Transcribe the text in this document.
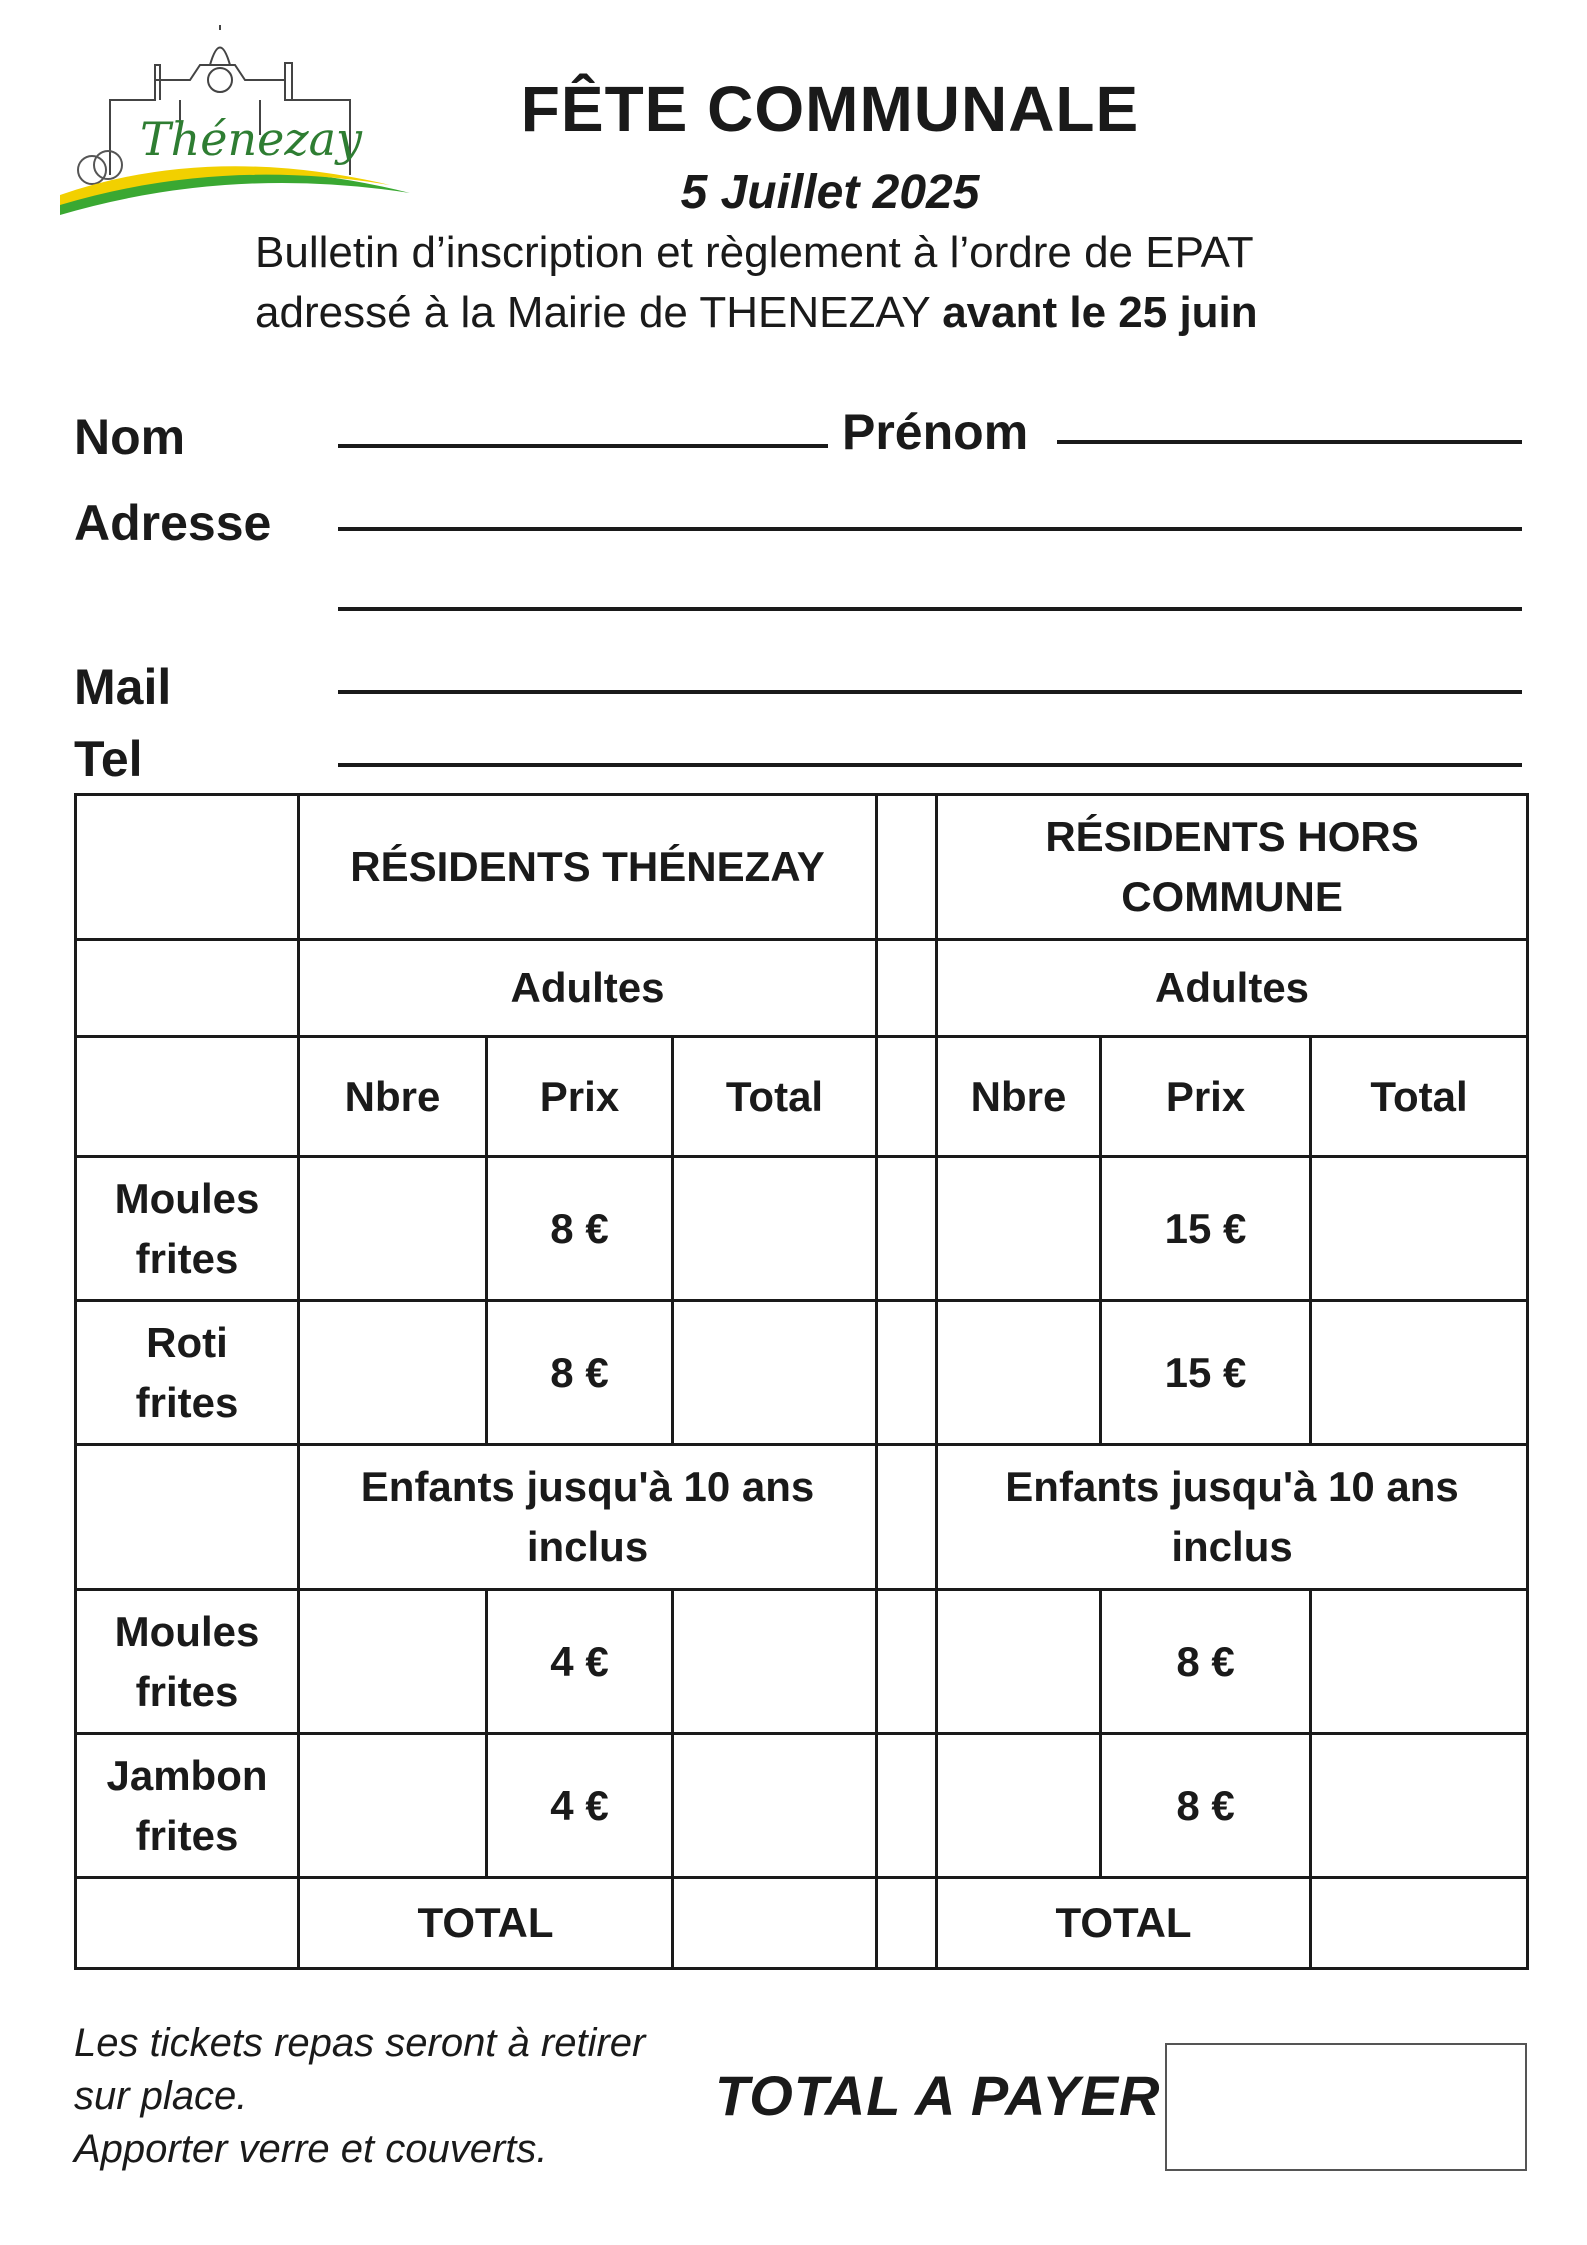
Thénezay	FÊTE COMMUNALE
5 Juillet 2025
Bulletin d’inscription et règlement à l’ordre de EPAT
adressé à la Mairie de THENEZAY avant le 25 juin
Nom	Prénom
Adresse
Mail
Tel
	RÉSIDENTS THÉNEZAY				RÉSIDENTS HORS COMMUNE		
	Adultes				Adultes		
	Nbre	Prix	Total		Nbre	Prix	Total
Moules frites		8 €				15 €	
Roti frites		8 €				15 €	
	Enfants jusqu'à 10 ans inclus				Enfants jusqu'à 10 ans inclus		
Moules frites		4 €				8 €	
Jambon frites		4 €				8 €	
	TOTAL				TOTAL		
Les tickets repas seront à retirer
sur place.
Apporter verre et couverts.
TOTAL A PAYER
